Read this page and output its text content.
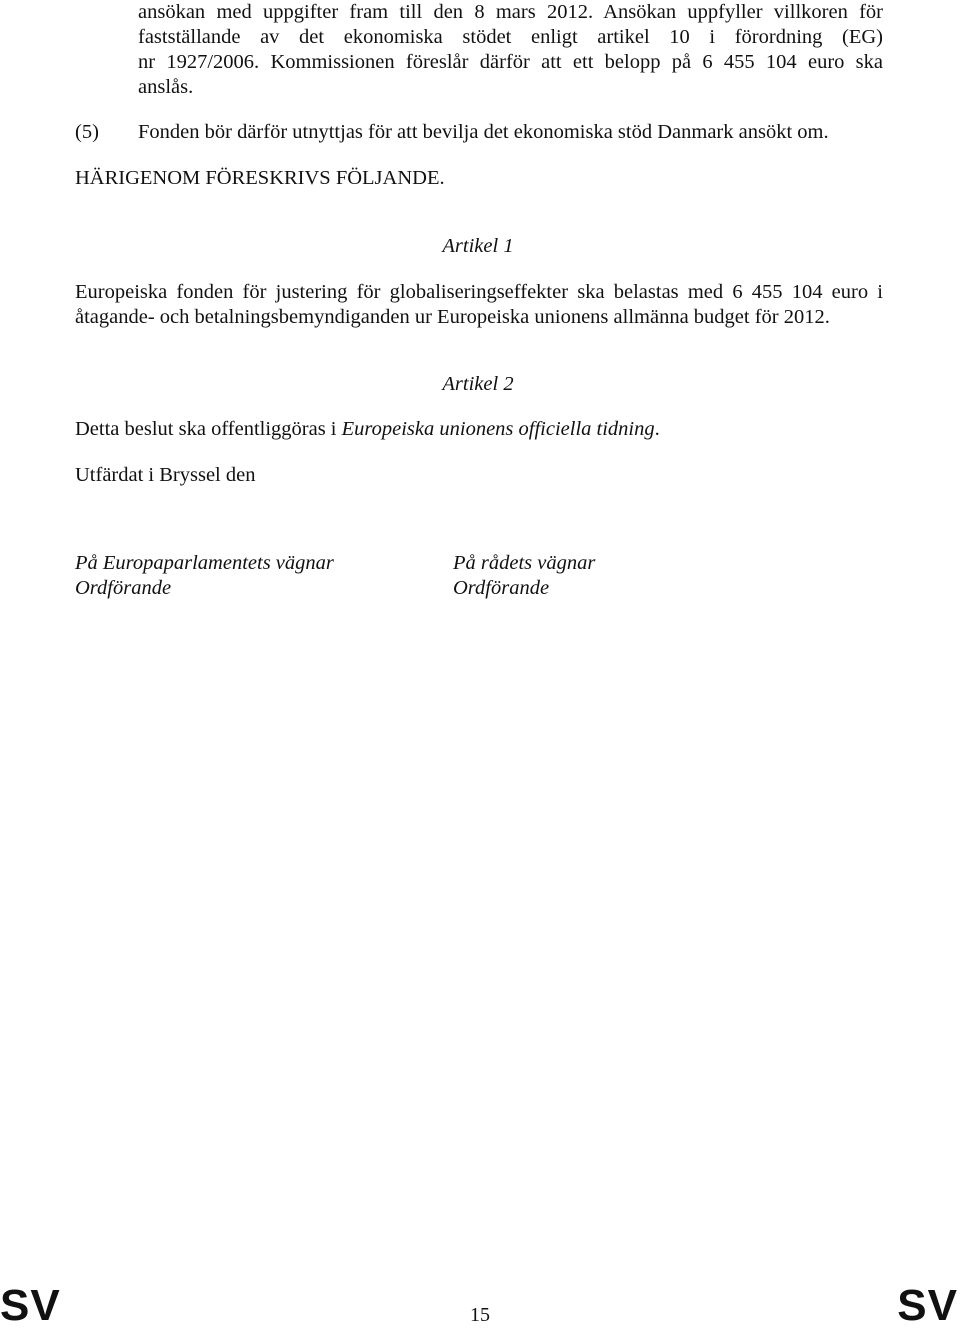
ansökan med uppgifter fram till den 8 mars 2012. Ansökan uppfyller villkoren för

fastställande av det ekonomiska stödet enligt artikel 10 i förordning (EG)

nr 1927/2006. Kommissionen föreslår därför att ett belopp på 6 455 104 euro ska

anslås.

(5) Fonden bör därför utnyttjas för att bevilja det ekonomiska stöd Danmark ansökt om.

HÄRIGENOM FÖRESKRIVS FÖLJANDE.

Artikel 1

Europeiska fonden för justering för globaliseringseffekter ska belastas med 6 455 104 euro i

åtagande- och betalningsbemyndiganden ur Europeiska unionens allmänna budget för 2012.

Artikel 2

Detta beslut ska offentliggöras i Europeiska unionens officiella tidning.

Utfärdat i Bryssel den

På Europaparlamentets vägnar

Ordförande

På rådets vägnar

Ordförande

SV	15	SV
